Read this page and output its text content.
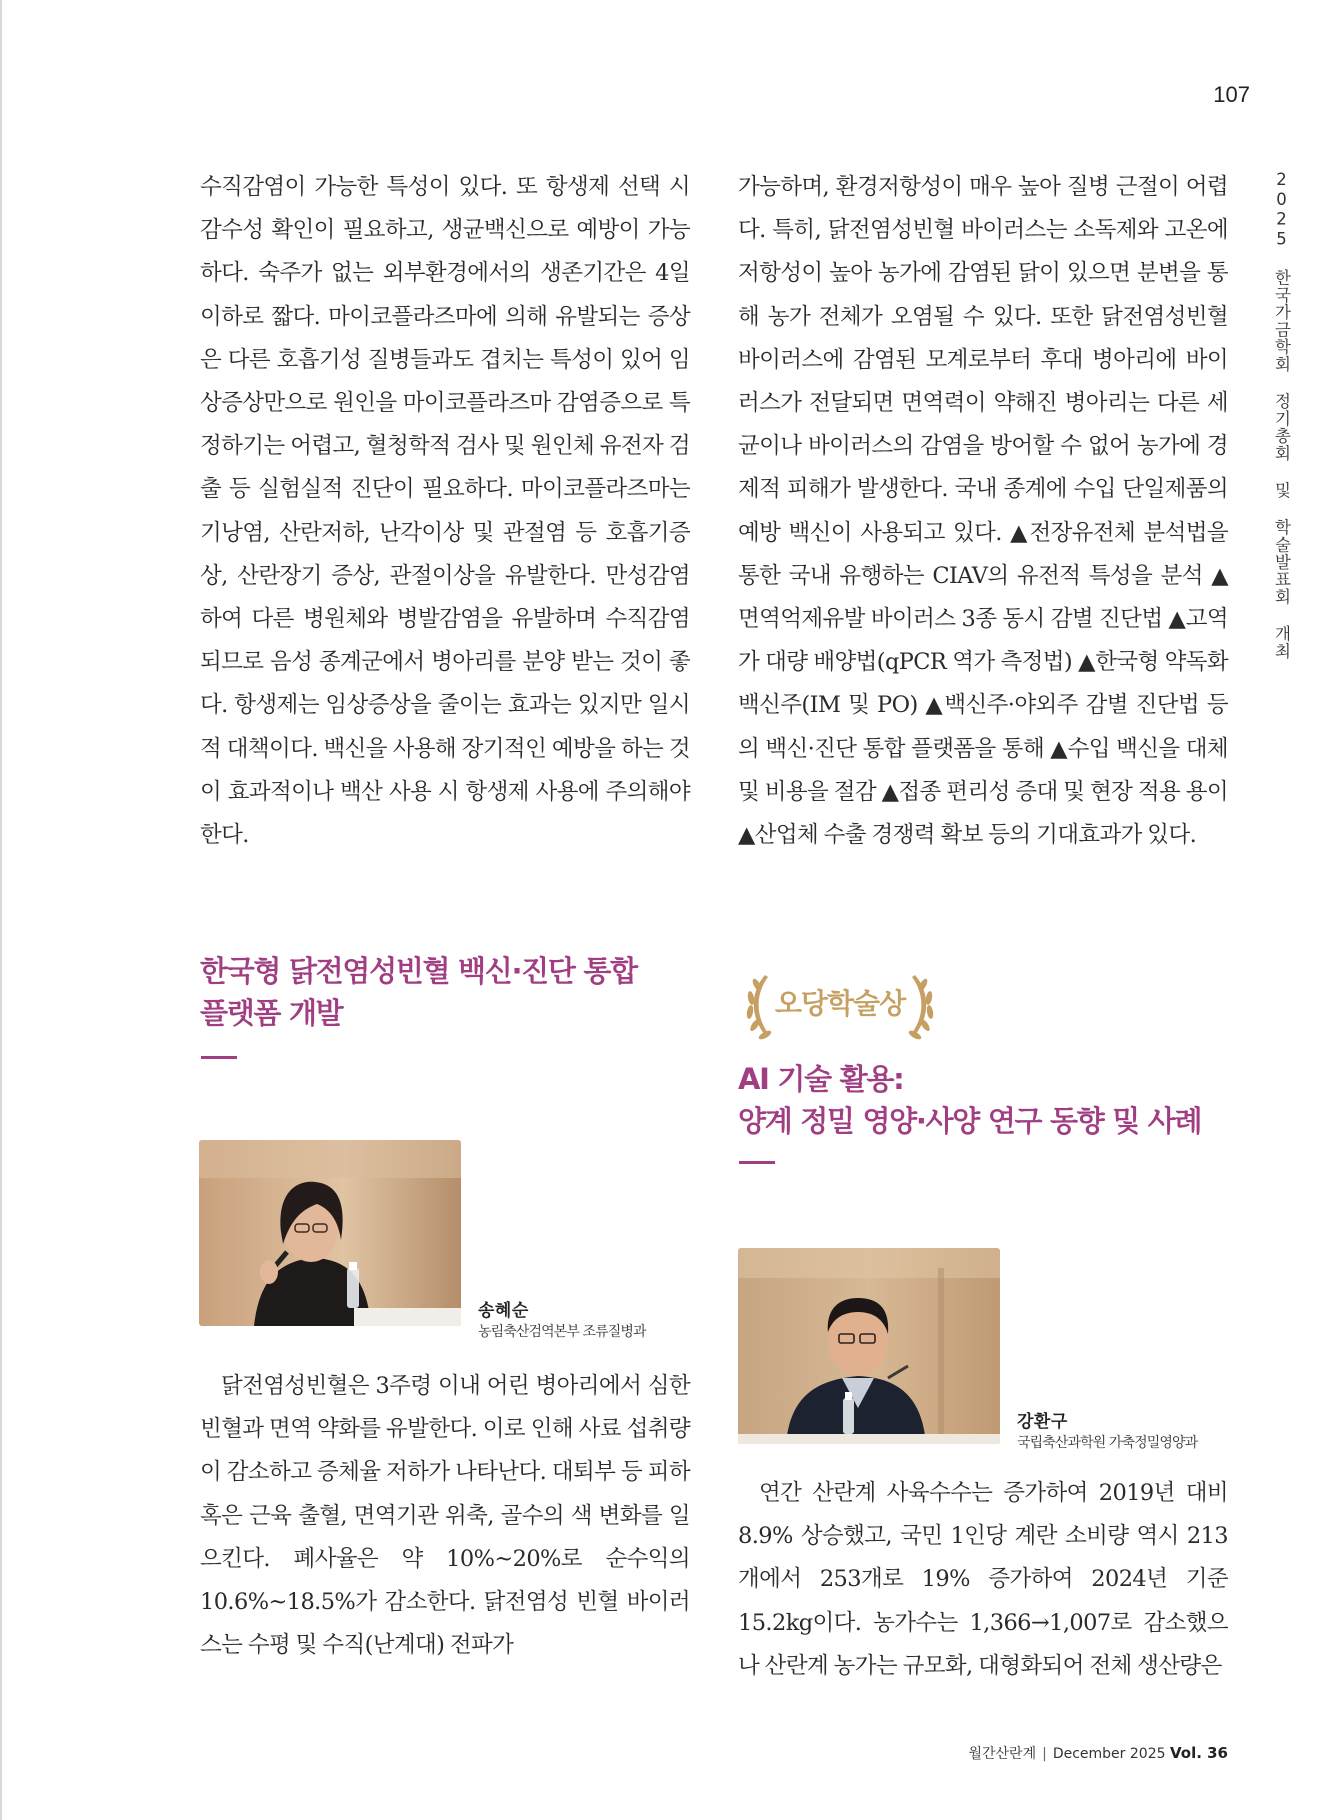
107
2025 한국가금학회 정기총회 및 학술발표회 개최

수직감염이 가능한 특성이 있다. 또 항생제 선택 시 감수성 확인이 필요하고, 생균백신으로 예방이 가능하다. 숙주가 없는 외부환경에서의 생존기간은 4일 이하로 짧다. 마이코플라즈마에 의해 유발되는 증상은 다른 호흡기성 질병들과도 겹치는 특성이 있어 임상증상만으로 원인을 마이코플라즈마 감염증으로 특정하기는 어렵고, 혈청학적 검사 및 원인체 유전자 검출 등 실험실적 진단이 필요하다. 마이코플라즈마는 기낭염, 산란저하, 난각이상 및 관절염 등 호흡기증상, 산란장기 증상, 관절이상을 유발한다. 만성감염하여 다른 병원체와 병발감염을 유발하며 수직감염되므로 음성 종계군에서 병아리를 분양 받는 것이 좋다. 항생제는 임상증상을 줄이는 효과는 있지만 일시적 대책이다. 백신을 사용해 장기적인 예방을 하는 것이 효과적이나 백산 사용 시 항생제 사용에 주의해야 한다.

한국형 닭전염성빈혈 백신·진단 통합
플랫폼 개발
송혜순
농림축산검역본부 조류질병과

닭전염성빈혈은 3주령 이내 어린 병아리에서 심한 빈혈과 면역 약화를 유발한다. 이로 인해 사료 섭취량이 감소하고 증체율 저하가 나타난다. 대퇴부 등 피하 혹은 근육 출혈, 면역기관 위축, 골수의 색 변화를 일으킨다. 폐사율은 약 10%~20%로 순수익의 10.6%~18.5%가 감소한다. 닭전염성 빈혈 바이러스는 수평 및 수직(난계대) 전파가

가능하며, 환경저항성이 매우 높아 질병 근절이 어렵다. 특히, 닭전염성빈혈 바이러스는 소독제와 고온에 저항성이 높아 농가에 감염된 닭이 있으면 분변을 통해 농가 전체가 오염될 수 있다. 또한 닭전염성빈혈 바이러스에 감염된 모계로부터 후대 병아리에 바이러스가 전달되면 면역력이 약해진 병아리는 다른 세균이나 바이러스의 감염을 방어할 수 없어 농가에 경제적 피해가 발생한다. 국내 종계에 수입 단일제품의 예방 백신이 사용되고 있다. ▲전장유전체 분석법을 통한 국내 유행하는 CIAV의 유전적 특성을 분석 ▲면역억제유발 바이러스 3종 동시 감별 진단법 ▲고역가 대량 배양법(qPCR 역가 측정법) ▲한국형 약독화 백신주(IM 및 PO) ▲백신주·야외주 감별 진단법 등의 백신·진단 통합 플랫폼을 통해 ▲수입 백신을 대체 및 비용을 절감 ▲접종 편리성 증대 및 현장 적용 용이 ▲산업체 수출 경쟁력 확보 등의 기대효과가 있다.

오당학술상
AI 기술 활용:
양계 정밀 영양·사양 연구 동향 및 사례
강환구
국립축산과학원 가축정밀영양과

연간 산란계 사육수수는 증가하여 2019년 대비 8.9% 상승했고, 국민 1인당 계란 소비량 역시 213개에서 253개로 19% 증가하여 2024년 기준 15.2kg이다. 농가수는 1,366→1,007로 감소했으나 산란계 농가는 규모화, 대형화되어 전체 생산량은

월간산란계 | December 2025 Vol. 36
